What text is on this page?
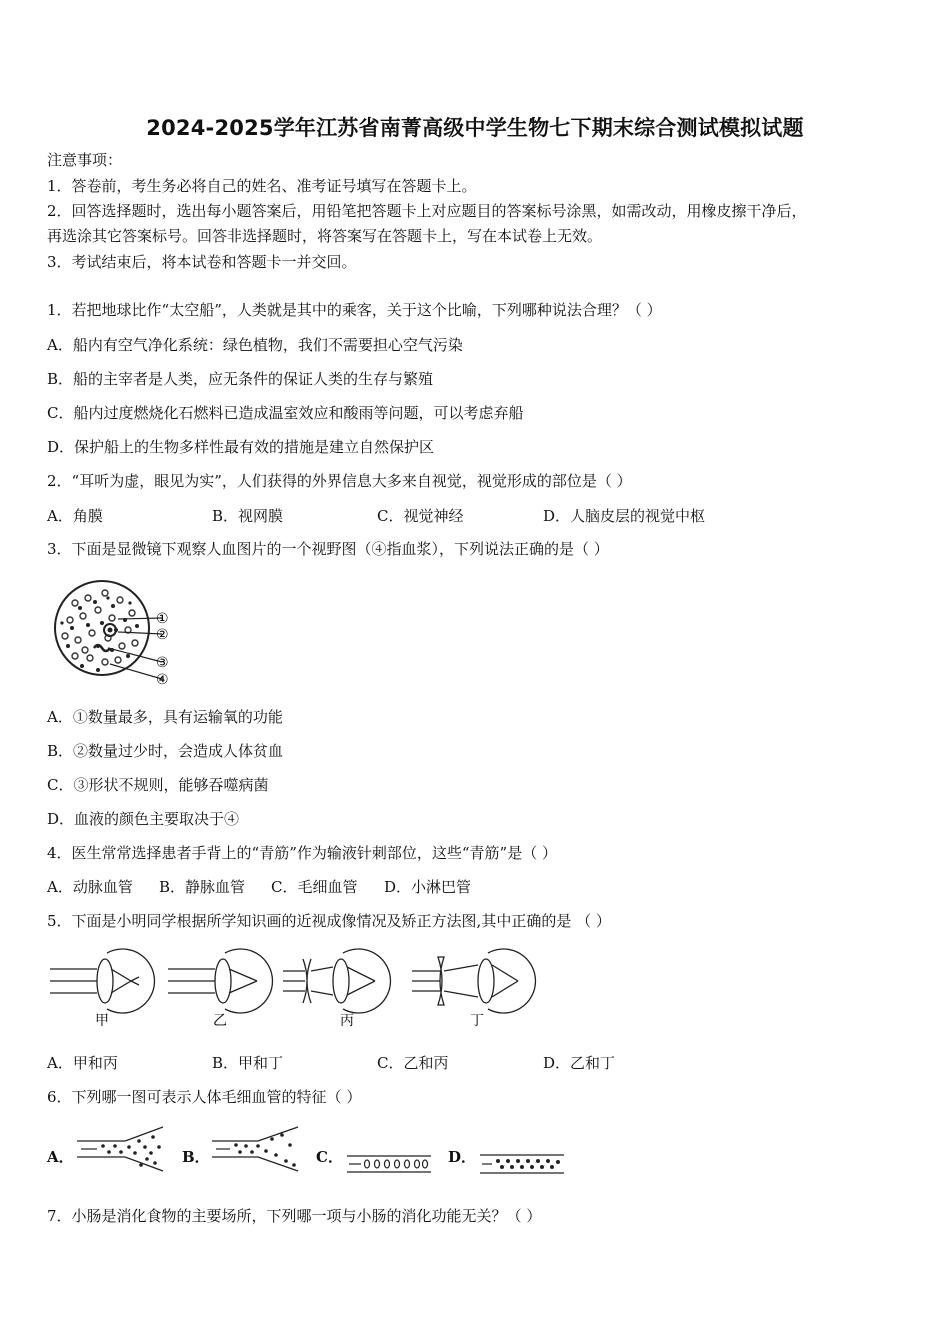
2024-2025学年江苏省南菁高级中学生物七下期末综合测试模拟试题
注意事项：
1．答卷前，考生务必将自己的姓名、准考证号填写在答题卡上。
2．回答选择题时，选出每小题答案后，用铅笔把答题卡上对应题目的答案标号涂黑，如需改动，用橡皮擦干净后，
再选涂其它答案标号。回答非选择题时，将答案写在答题卡上，写在本试卷上无效。
3．考试结束后，将本试卷和答题卡一并交回。
1．若把地球比作“太空船”，人类就是其中的乘客，关于这个比喻，下列哪种说法合理？（ ）
A．船内有空气净化系统：绿色植物，我们不需要担心空气污染
B．船的主宰者是人类，应无条件的保证人类的生存与繁殖
C．船内过度燃烧化石燃料已造成温室效应和酸雨等问题，可以考虑弃船
D．保护船上的生物多样性最有效的措施是建立自然保护区
2．“耳听为虚，眼见为实”，人们获得的外界信息大多来自视觉，视觉形成的部位是（ ）
A．角膜	B．视网膜	C．视觉神经	D．人脑皮层的视觉中枢
3．下面是显微镜下观察人血图片的一个视野图（④指血浆），下列说法正确的是（ ）
①
②
③
④
A．①数量最多，具有运输氧的功能
B．②数量过少时，会造成人体贫血
C．③形状不规则，能够吞噬病菌
D．血液的颜色主要取决于④
4．医生常常选择患者手背上的“青筋”作为输液针刺部位，这些“青筋”是（ ）
A．动脉血管 B．静脉血管 C．毛细血管 D．小淋巴管
5．下面是小明同学根据所学知识画的近视成像情况及矫正方法图,其中正确的是 （ ）
甲	乙	丙	丁
A．甲和丙	B．甲和丁	C．乙和丙	D．乙和丁
6．下列哪一图可表示人体毛细血管的特征（ ）
A．	B．	C．	D．
7．小肠是消化食物的主要场所，下列哪一项与小肠的消化功能无关？（ ）
